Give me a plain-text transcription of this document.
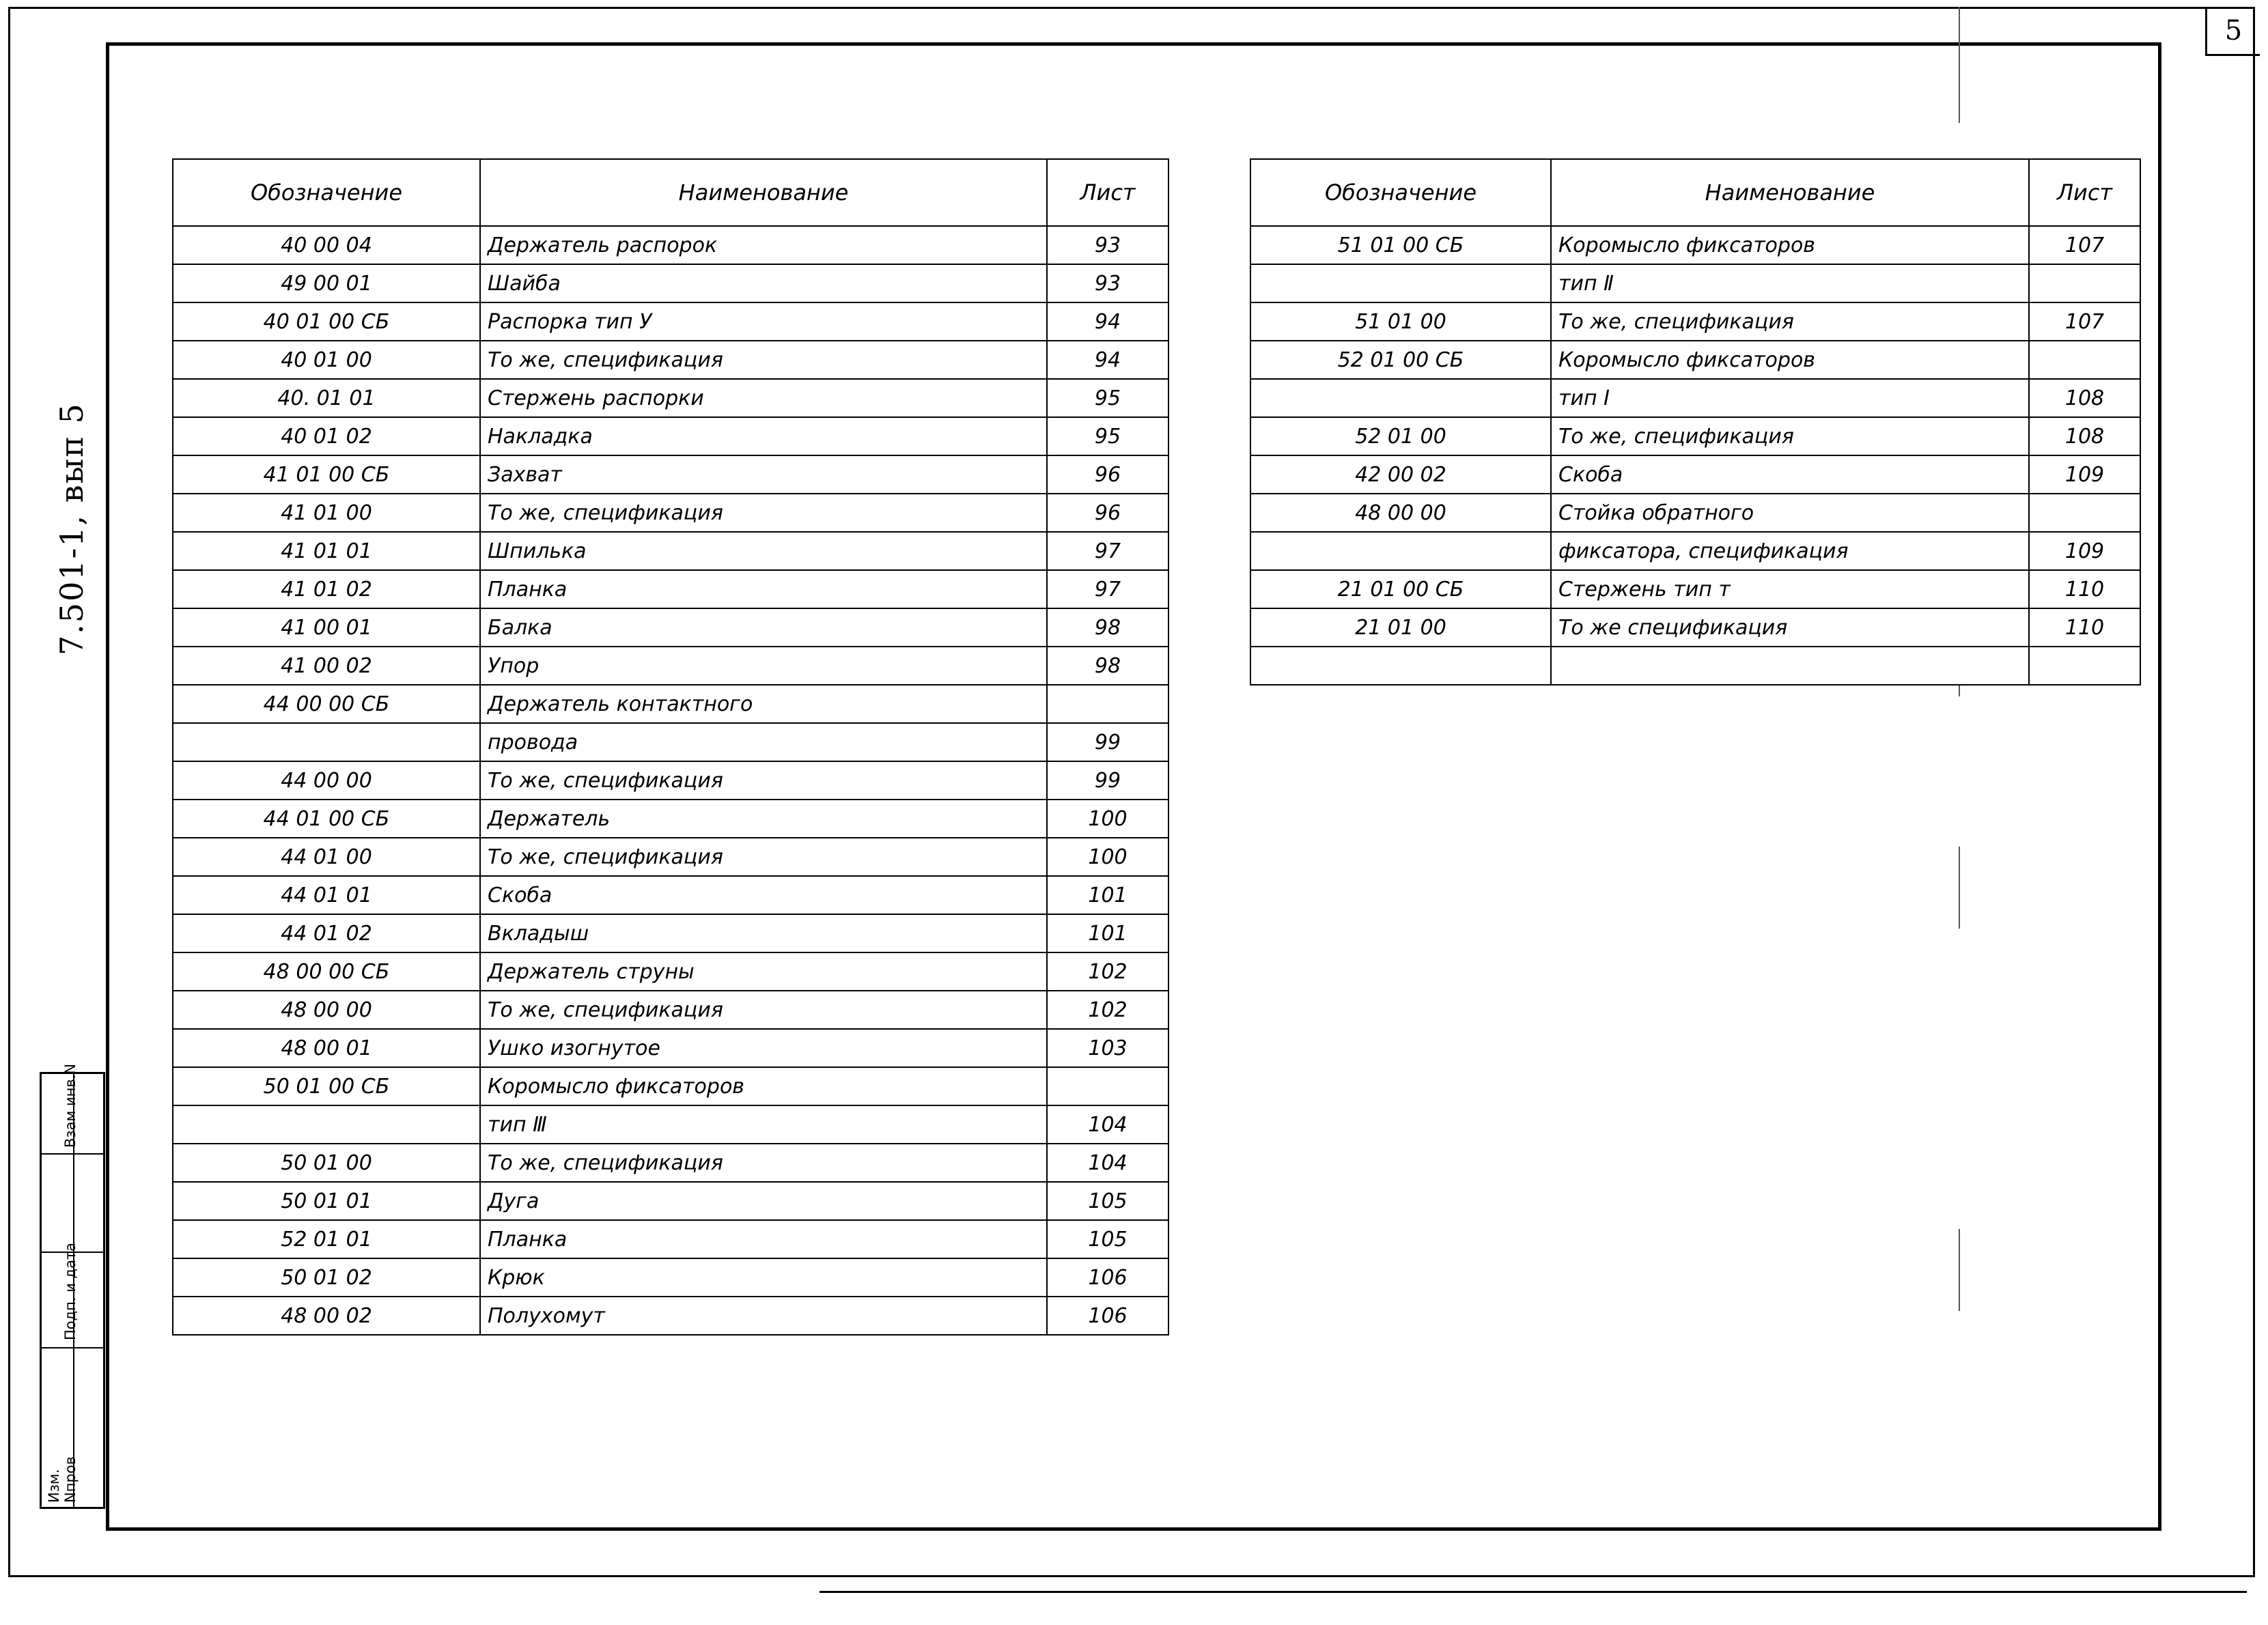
5
7.501-1, вып 5
Взам инв.N
Подп. и дата
Nпров
Изм.
Обозначение	Наименование	Лист
40 00 04	Держатель распорок	93
49 00 01	Шайба	93
40 01 00 СБ	Распорка тип У	94
40 01 00	То же, спецификация	94
40. 01 01	Стержень распорки	95
40 01 02	Накладка	95
41 01 00 СБ	Захват	96
41 01 00	То же, спецификация	96
41 01 01	Шпилька	97
41 01 02	Планка	97
41 00 01	Балка	98
41 00 02	Упор	98
44 00 00 СБ	Держатель контактного	
	провода	99
44 00 00	То же, спецификация	99
44 01 00 СБ	Держатель	100
44 01 00	То же, спецификация	100
44 01 01	Скоба	101
44 01 02	Вкладыш	101
48 00 00 СБ	Держатель струны	102
48 00 00	То же, спецификация	102
48 00 01	Ушко изогнутое	103
50 01 00 СБ	Коромысло фиксаторов	
	тип Ⅲ	104
50 01 00	То же, спецификация	104
50 01 01	Дуга	105
52 01 01	Планка	105
50 01 02	Крюк	106
48 00 02	Полухомут	106
Обозначение	Наименование	Лист
51 01 00 СБ	Коромысло фиксаторов	107
	тип Ⅱ	
51 01 00	То же, спецификация	107
52 01 00 СБ	Коромысло фиксаторов	
	тип Ⅰ	108
52 01 00	То же, спецификация	108
42 00 02	Скоба	109
48 00 00	Стойка обратного	
	фиксатора, спецификация	109
21 01 00 СБ	Стержень тип т	110
21 01 00	То же спецификация	110
